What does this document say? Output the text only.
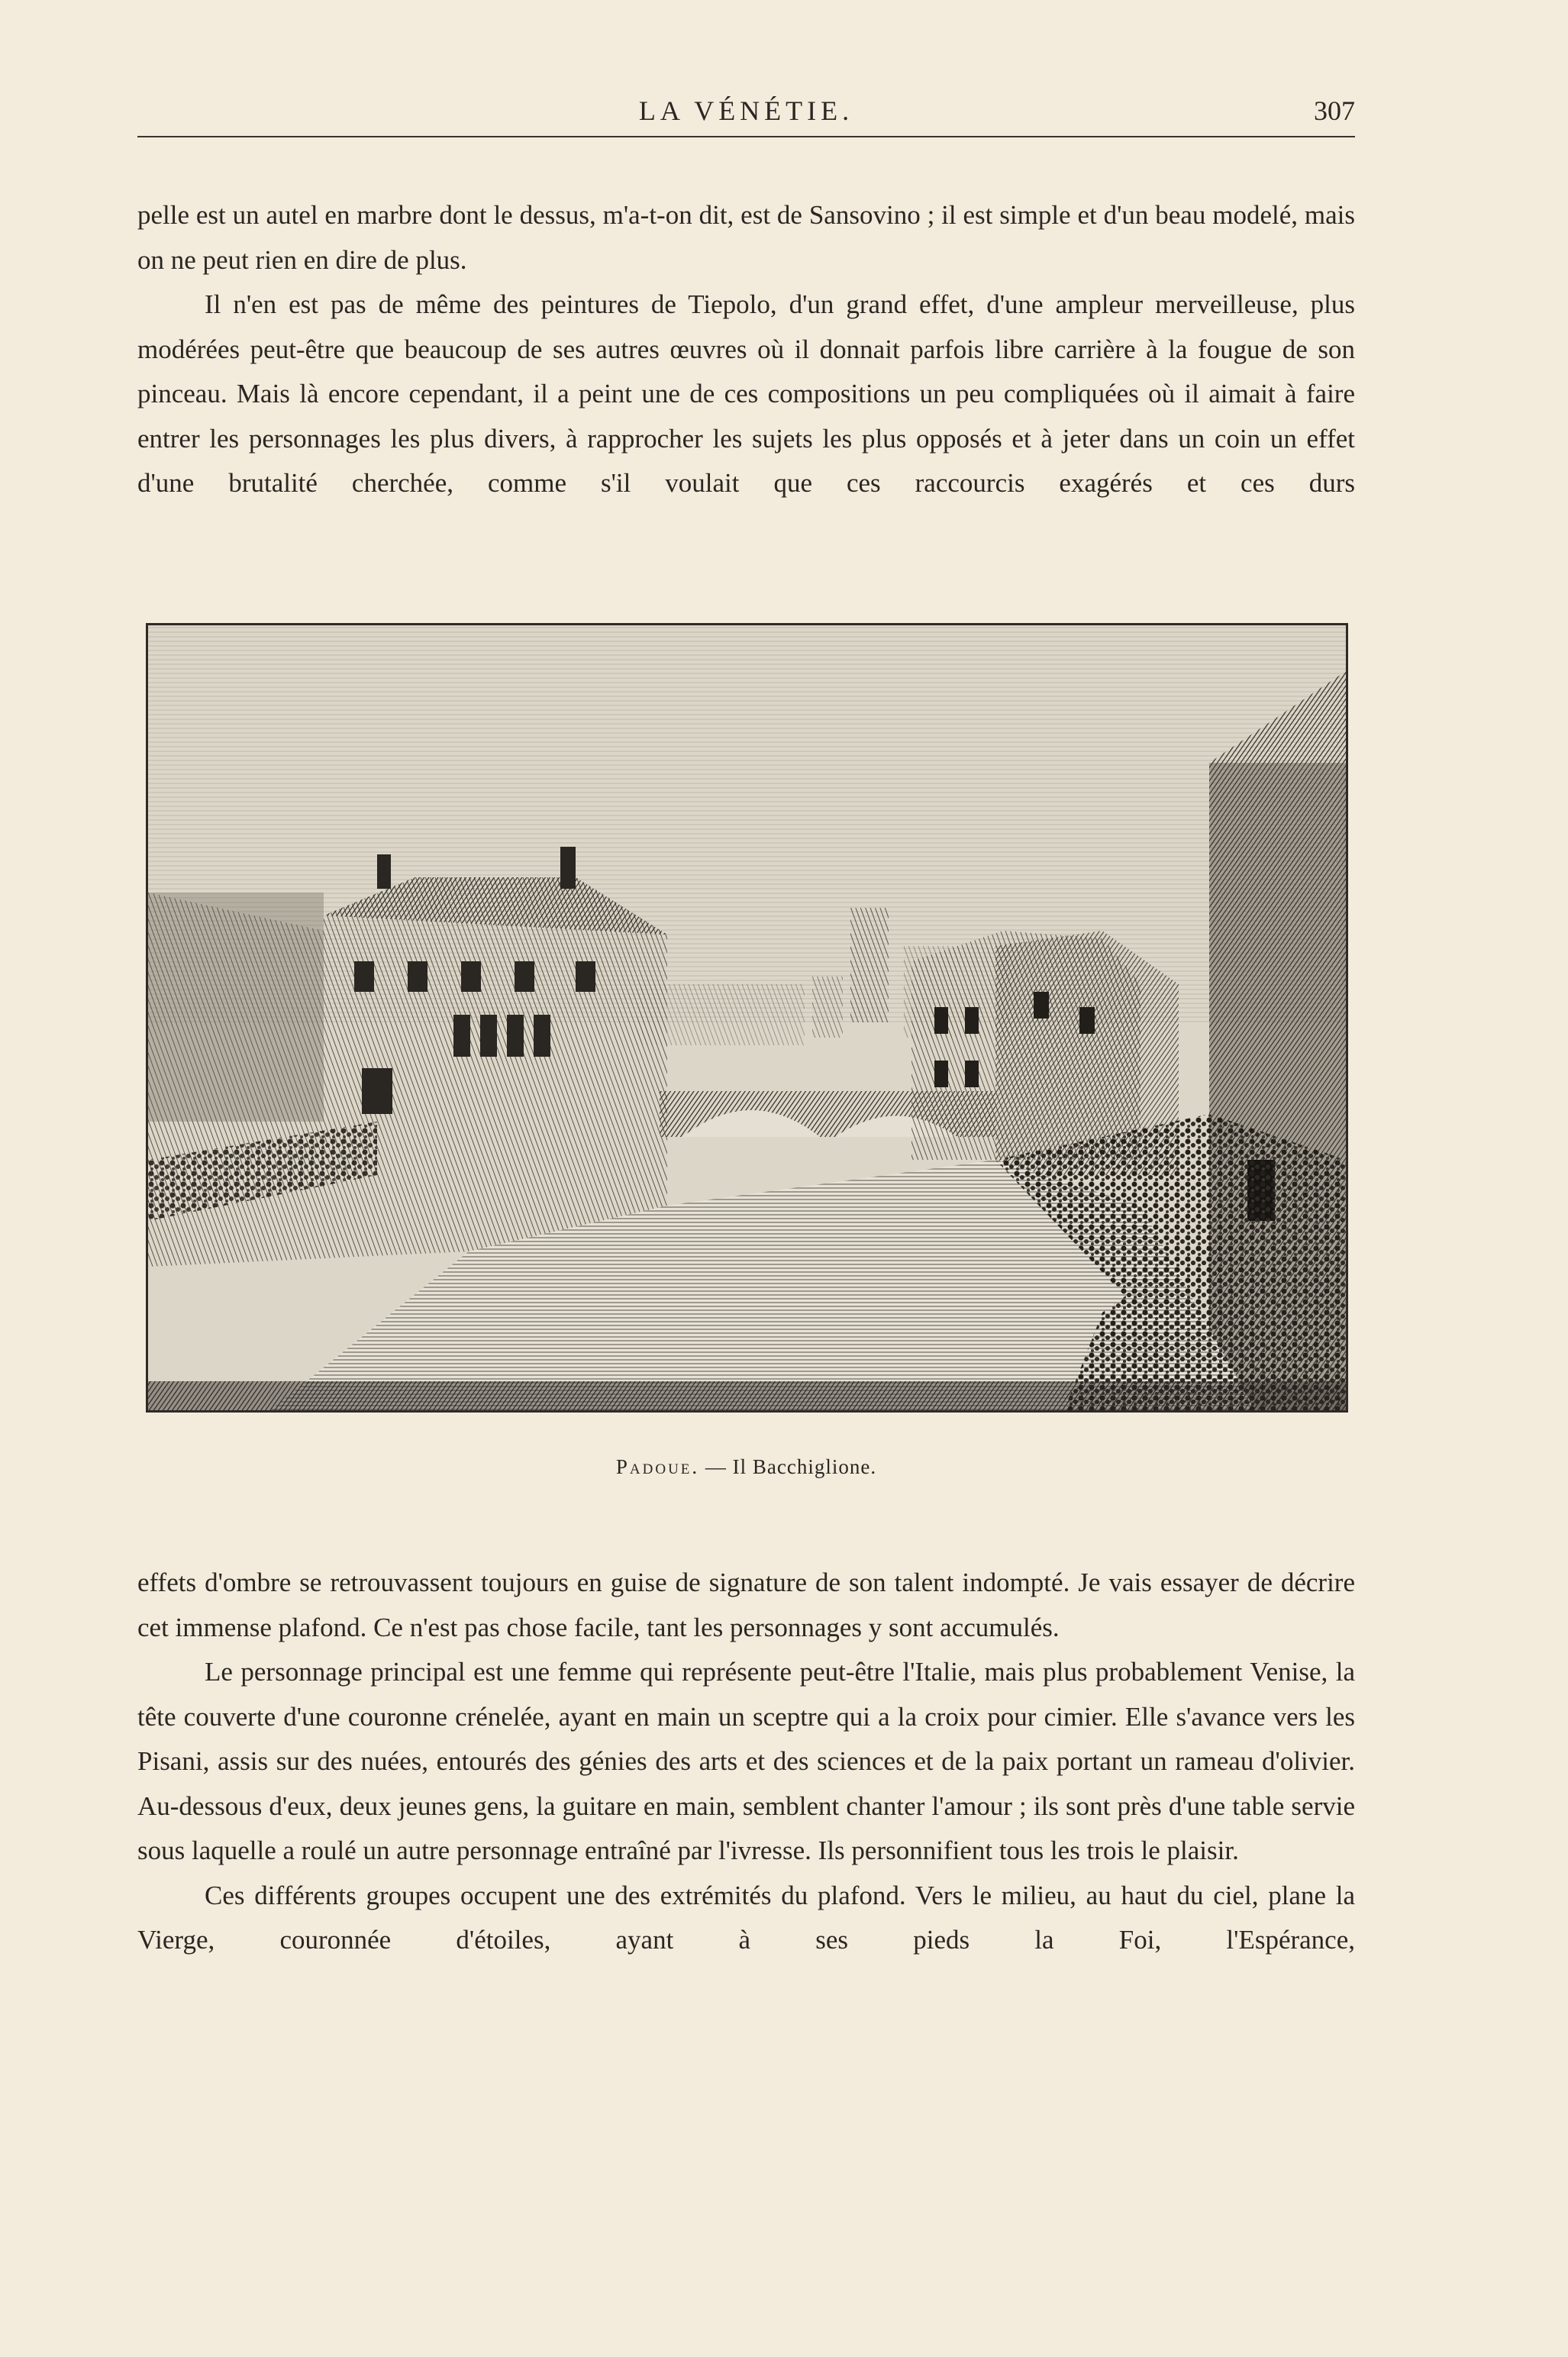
LA VÉNÉTIE.	307

pelle est un autel en marbre dont le dessus, m'a-t-on dit, est de Sansovino ; il est simple et d'un beau modelé, mais on ne peut rien en dire de plus.

Il n'en est pas de même des peintures de Tiepolo, d'un grand effet, d'une ampleur merveilleuse, plus modérées peut-être que beaucoup de ses autres œuvres où il donnait parfois libre carrière à la fougue de son pinceau. Mais là encore cependant, il a peint une de ces compositions un peu compliquées où il aimait à faire entrer les personnages les plus divers, à rapprocher les sujets les plus opposés et à jeter dans un coin un effet d'une brutalité cherchée, comme s'il voulait que ces raccourcis exagérés et ces durs

Padoue. — Il Bacchiglione.

effets d'ombre se retrouvassent toujours en guise de signature de son talent indompté. Je vais essayer de décrire cet immense plafond. Ce n'est pas chose facile, tant les personnages y sont accumulés.

Le personnage principal est une femme qui représente peut-être l'Italie, mais plus probablement Venise, la tête couverte d'une couronne crénelée, ayant en main un sceptre qui a la croix pour cimier. Elle s'avance vers les Pisani, assis sur des nuées, entourés des génies des arts et des sciences et de la paix portant un rameau d'olivier. Au-dessous d'eux, deux jeunes gens, la guitare en main, semblent chanter l'amour ; ils sont près d'une table servie sous laquelle a roulé un autre personnage entraîné par l'ivresse. Ils personnifient tous les trois le plaisir.

Ces différents groupes occupent une des extrémités du plafond. Vers le milieu, au haut du ciel, plane la Vierge, couronnée d'étoiles, ayant à ses pieds la Foi, l'Espérance,
